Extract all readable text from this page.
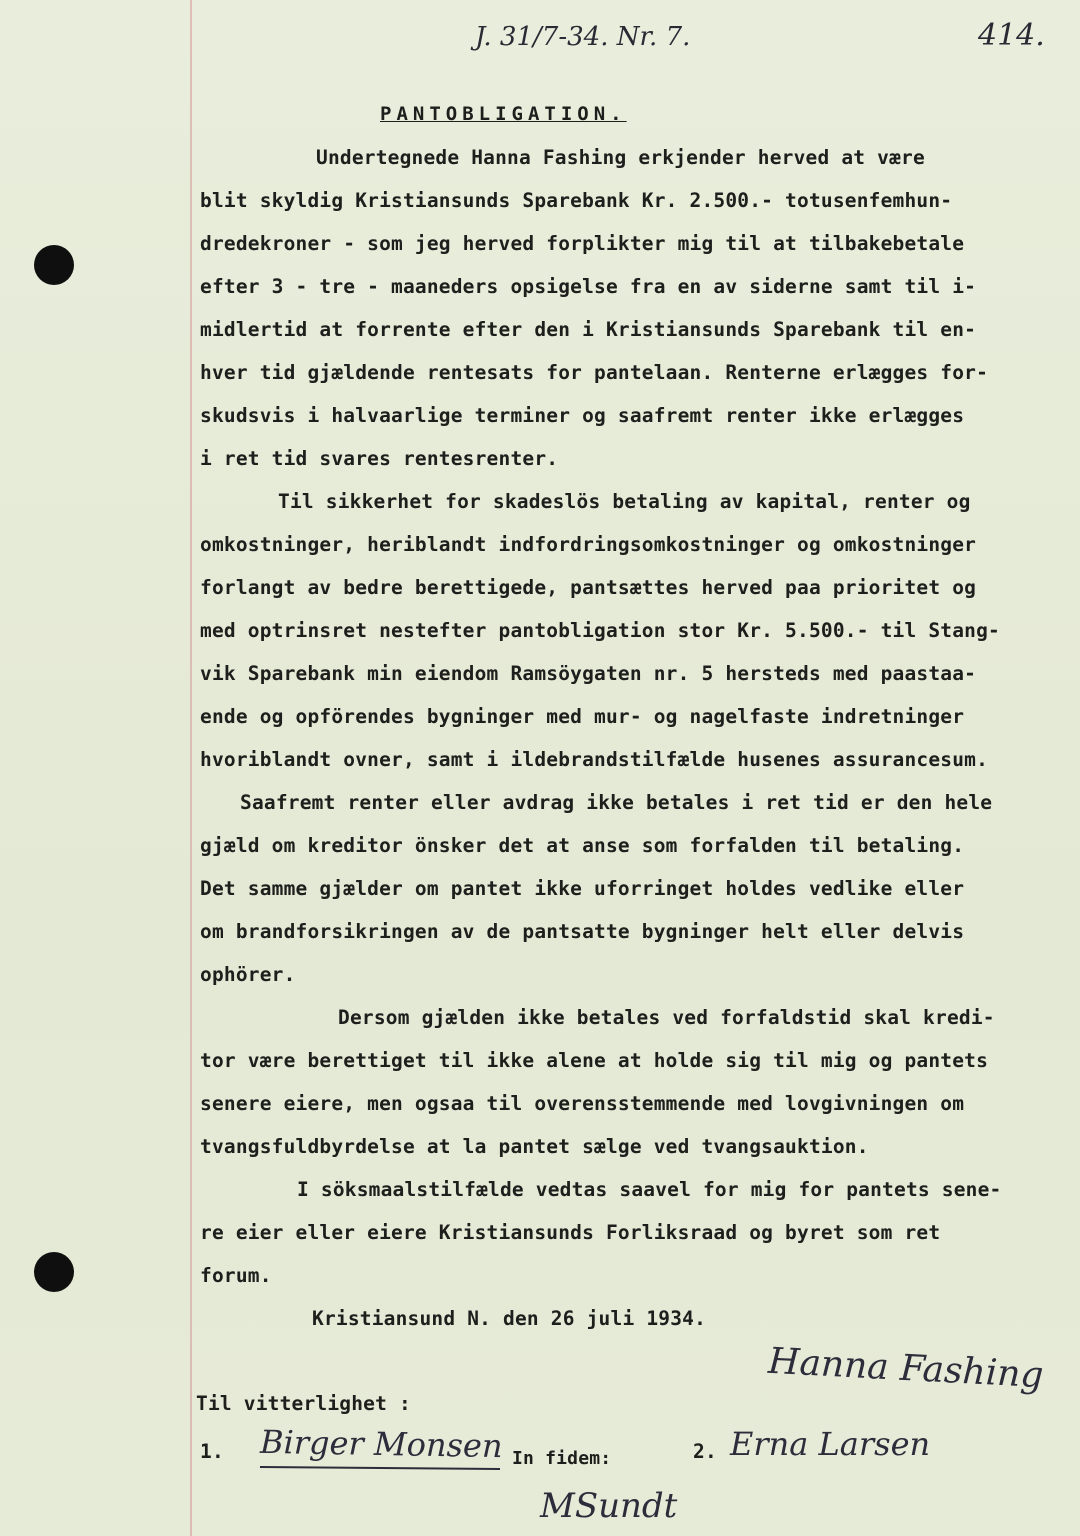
J. 31/7-34. Nr. 7.	414.
PANTOBLIGATION.
Undertegnede Hanna Fashing erkjender herved at være
blit skyldig Kristiansunds Sparebank Kr. 2.500.- totusenfemhun-
dredekroner - som jeg herved forplikter mig til at tilbakebetale
efter 3 - tre - maaneders opsigelse fra en av siderne samt til i-
midlertid at forrente efter den i Kristiansunds Sparebank til en-
hver tid gjældende rentesats for pantelaan. Renterne erlægges for-
skudsvis i halvaarlige terminer og saafremt renter ikke erlægges
i ret tid svares rentesrenter.
Til sikkerhet for skadeslös betaling av kapital, renter og
omkostninger, heriblandt indfordringsomkostninger og omkostninger
forlangt av bedre berettigede, pantsættes herved paa prioritet og
med optrinsret nestefter pantobligation stor Kr. 5.500.- til Stang-
vik Sparebank min eiendom Ramsöygaten nr. 5 hersteds med paastaa-
ende og opförendes bygninger med mur- og nagelfaste indretninger
hvoriblandt ovner, samt i ildebrandstilfælde husenes assurancesum.
Saafremt renter eller avdrag ikke betales i ret tid er den hele
gjæld om kreditor önsker det at anse som forfalden til betaling.
Det samme gjælder om pantet ikke uforringet holdes vedlike eller
om brandforsikringen av de pantsatte bygninger helt eller delvis
ophörer.
Dersom gjælden ikke betales ved forfaldstid skal kredi-
tor være berettiget til ikke alene at holde sig til mig og pantets
senere eiere, men ogsaa til overensstemmende med lovgivningen om
tvangsfuldbyrdelse at la pantet sælge ved tvangsauktion.
I söksmaalstilfælde vedtas saavel for mig for pantets sene-
re eier eller eiere Kristiansunds Forliksraad og byret som ret
forum.
Kristiansund N. den 26 juli 1934.
Til vitterlighet :
1.	In fidem:	2.
Hanna Fashing
Birger Monsen	Erna Larsen
MSundt
